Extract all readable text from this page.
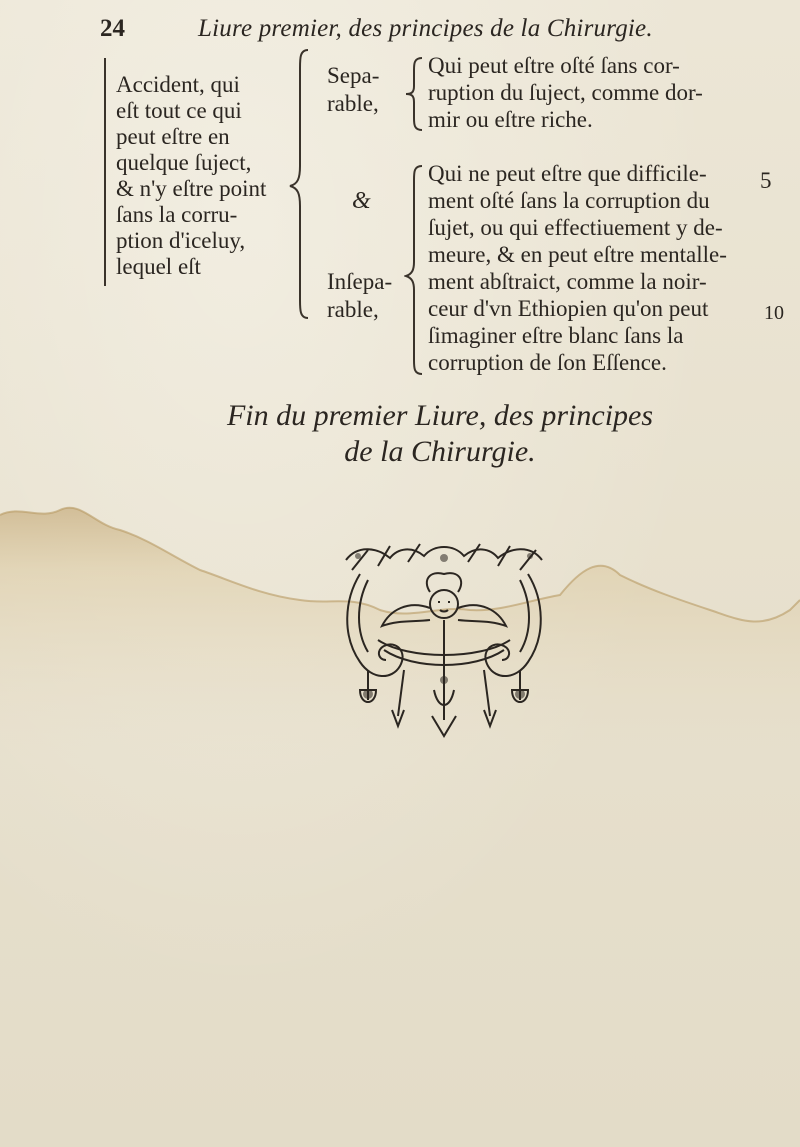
24	Liure premier, des principes de la Chirurgie.
Accident, qui
eſt tout ce qui
peut eſtre en
quelque ſuject,
& n'y eſtre point
ſans la corru-
ption d'iceluy,
lequel eſt
Sepa-
rable,
&
Inſepa-
rable,
Qui peut eſtre oſté ſans cor-
ruption du ſuject, comme dor-
mir ou eſtre riche.
Qui ne peut eſtre que difficile-
ment oſté ſans la corruption du
ſujet, ou qui effectiuement y de-
meure, & en peut eſtre mentalle-
ment abſtraict, comme la noir-
ceur d'vn Ethiopien qu'on peut
ſimaginer eſtre blanc ſans la
corruption de ſon Eſſence.
5
10
Fin du premier Liure, des principes
de la Chirurgie.
